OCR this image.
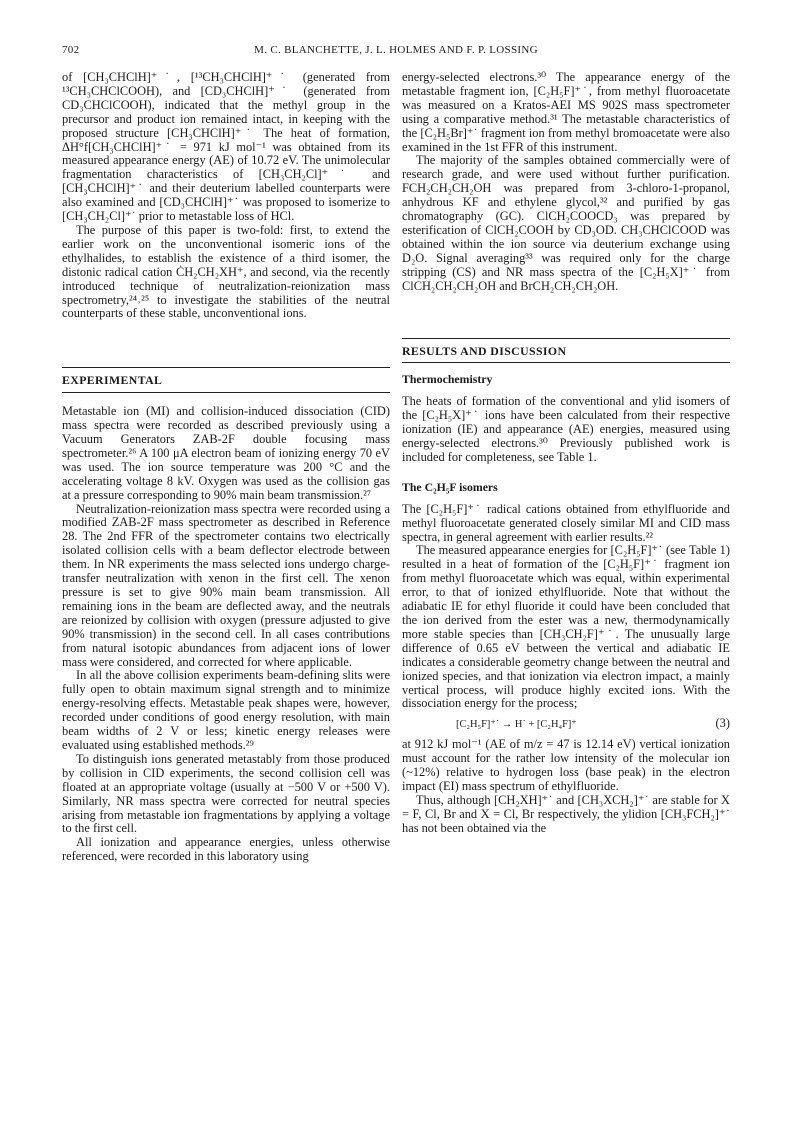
702	M. C. BLANCHETTE, J. L. HOLMES AND F. P. LOSSING

of [CH₃CHClH]⁺˙, [¹³CH₃CHClH]⁺˙ (generated from ¹³CH₃CHClCOOH), and [CD₃CHClH]⁺˙ (generated from CD₃CHClCOOH), indicated that the methyl group in the precursor and product ion remained intact, in keeping with the proposed structure [CH₃CHClH]⁺˙ The heat of formation, ΔH°f[CH₃CHClH]⁺˙ = 971 kJ mol⁻¹ was obtained from its measured appearance energy (AE) of 10.72 eV. The unimolecular fragmentation characteristics of [CH₃CH₂Cl]⁺˙ and [CH₃CHClH]⁺˙ and their deuterium labelled counterparts were also examined and [CD₃CHClH]⁺˙ was proposed to isomerize to [CH₃CH₂Cl]⁺˙ prior to metastable loss of HCl.

The purpose of this paper is two-fold: first, to extend the earlier work on the unconventional isomeric ions of the ethylhalides, to establish the existence of a third isomer, the distonic radical cation ĊH₂CH₂XH⁺, and second, via the recently introduced technique of neutralization-reionization mass spectrometry,²⁴˒²⁵ to investigate the stabilities of the neutral counterparts of these stable, unconventional ions.

EXPERIMENTAL

Metastable ion (MI) and collision-induced dissociation (CID) mass spectra were recorded as described previously using a Vacuum Generators ZAB-2F double focusing mass spectrometer.²⁶ A 100 μA electron beam of ionizing energy 70 eV was used. The ion source temperature was 200 °C and the accelerating voltage 8 kV. Oxygen was used as the collision gas at a pressure corresponding to 90% main beam transmission.²⁷

Neutralization-reionization mass spectra were recorded using a modified ZAB-2F mass spectrometer as described in Reference 28. The 2nd FFR of the spectrometer contains two electrically isolated collision cells with a beam deflector electrode between them. In NR experiments the mass selected ions undergo charge-transfer neutralization with xenon in the first cell. The xenon pressure is set to give 90% main beam transmission. All remaining ions in the beam are deflected away, and the neutrals are reionized by collision with oxygen (pressure adjusted to give 90% transmission) in the second cell. In all cases contributions from natural isotopic abundances from adjacent ions of lower mass were considered, and corrected for where applicable.

In all the above collision experiments beam-defining slits were fully open to obtain maximum signal strength and to minimize energy-resolving effects. Metastable peak shapes were, however, recorded under conditions of good energy resolution, with main beam widths of 2 V or less; kinetic energy releases were evaluated using established methods.²⁹

To distinguish ions generated metastably from those produced by collision in CID experiments, the second collision cell was floated at an appropriate voltage (usually at −500 V or +500 V). Similarly, NR mass spectra were corrected for neutral species arising from metastable ion fragmentations by applying a voltage to the first cell.

All ionization and appearance energies, unless otherwise referenced, were recorded in this laboratory using

energy-selected electrons.³⁰ The appearance energy of the metastable fragment ion, [C₂H₅F]⁺˙, from methyl fluoroacetate was measured on a Kratos-AEI MS 902S mass spectrometer using a comparative method.³¹ The metastable characteristics of the [C₂H₅Br]⁺˙ fragment ion from methyl bromoacetate were also examined in the 1st FFR of this instrument.

The majority of the samples obtained commercially were of research grade, and were used without further purification. FCH₂CH₂CH₂OH was prepared from 3-chloro-1-propanol, anhydrous KF and ethylene glycol,³² and purified by gas chromatography (GC). ClCH₂COOCD₃ was prepared by esterification of ClCH₂COOH by CD₃OD. CH₃CHClCOOD was obtained within the ion source via deuterium exchange using D₂O. Signal averaging³³ was required only for the charge stripping (CS) and NR mass spectra of the [C₂H₅X]⁺˙ from ClCH₂CH₂CH₂OH and BrCH₂CH₂CH₂OH.

RESULTS AND DISCUSSION
Thermochemistry

The heats of formation of the conventional and ylid isomers of the [C₂H₅X]⁺˙ ions have been calculated from their respective ionization (IE) and appearance (AE) energies, measured using energy-selected electrons.³⁰ Previously published work is included for completeness, see Table 1.

The C₂H₅F isomers

The [C₂H₅F]⁺˙ radical cations obtained from ethylfluoride and methyl fluoroacetate generated closely similar MI and CID mass spectra, in general agreement with earlier results.²²

The measured appearance energies for [C₂H₅F]⁺˙ (see Table 1) resulted in a heat of formation of the [C₂H₅F]⁺˙ fragment ion from methyl fluoroacetate which was equal, within experimental error, to that of ionized ethylfluoride. Note that without the adiabatic IE for ethyl fluoride it could have been concluded that the ion derived from the ester was a new, thermodynamically more stable species than [CH₃CH₂F]⁺˙. The unusually large difference of 0.65 eV between the vertical and adiabatic IE indicates a considerable geometry change between the neutral and ionized species, and that ionization via electron impact, a mainly vertical process, will produce highly excited ions. With the dissociation energy for the process;

[C₂H₅F]⁺˙ → H˙ + [C₂H₄F]⁺	(3)

at 912 kJ mol⁻¹ (AE of m/z = 47 is 12.14 eV) vertical ionization must account for the rather low intensity of the molecular ion (~12%) relative to hydrogen loss (base peak) in the electron impact (EI) mass spectrum of ethylfluoride.

Thus, although [CH₂XH]⁺˙ and [CH₃XCH₂]⁺˙ are stable for X = F, Cl, Br and X = Cl, Br respectively, the ylidion [CH₃FCH₂]⁺˙ has not been obtained via the
